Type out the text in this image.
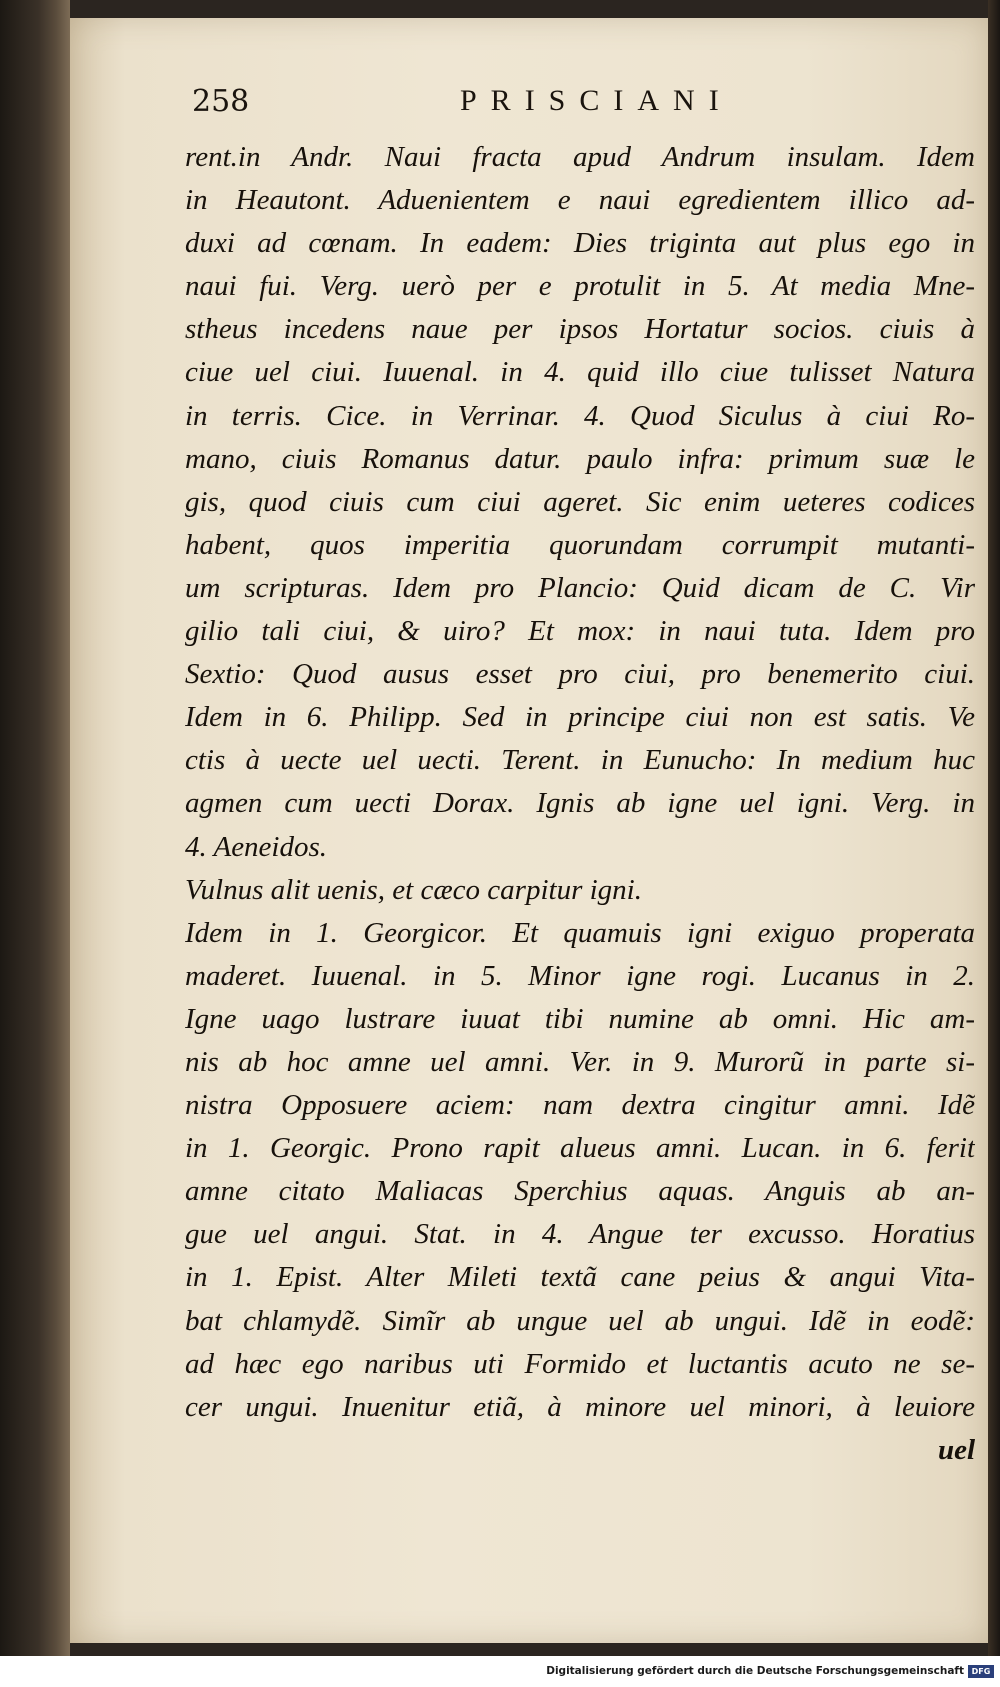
258	PRISCIANI
rent.in Andr. Naui fracta apud Andrum insulam. Idem
in Heautont. Aduenientem e naui egredientem illico ad-
duxi ad cœnam. In eadem: Dies triginta aut plus ego in
naui fui. Verg. uerò per e protulit in 5. At media Mne-
stheus incedens naue per ipsos Hortatur socios. ciuis à
ciue uel ciui. Iuuenal. in 4. quid illo ciue tulisset Natura
in terris. Cice. in Verrinar. 4. Quod Siculus à ciui Ro-
mano, ciuis Romanus datur. paulo infra: primum suæ le
gis, quod ciuis cum ciui ageret. Sic enim ueteres codices
habent, quos imperitia quorundam corrumpit mutanti-
um scripturas. Idem pro Plancio: Quid dicam de C. Vir
gilio tali ciui, & uiro? Et mox: in naui tuta. Idem pro
Sextio: Quod ausus esset pro ciui, pro benemerito ciui.
Idem in 6. Philipp. Sed in principe ciui non est satis. Ve
ctis à uecte uel uecti. Terent. in Eunucho: In medium huc
agmen cum uecti Dorax. Ignis ab igne uel igni. Verg. in
4. Aeneidos.
Vulnus alit uenis, et cæco carpitur igni.
Idem in 1. Georgicor. Et quamuis igni exiguo properata
maderet. Iuuenal. in 5. Minor igne rogi. Lucanus in 2.
Igne uago lustrare iuuat tibi numine ab omni. Hic am-
nis ab hoc amne uel amni. Ver. in 9. Murorũ in parte si-
nistra Opposuere aciem: nam dextra cingitur amni. Idẽ
in 1. Georgic. Prono rapit alueus amni. Lucan. in 6. ferit
amne citato Maliacas Sperchius aquas. Anguis ab an-
gue uel angui. Stat. in 4. Angue ter excusso. Horatius
in 1. Epist. Alter Mileti textã cane peius & angui Vita-
bat chlamydẽ. Simĩr ab ungue uel ab ungui. Idẽ in eodẽ:
ad hæc ego naribus uti Formido et luctantis acuto ne se-
cer ungui. Inuenitur etiã, à minore uel minori, à leuiore
uel
Digitalisierung gefördert durch die Deutsche Forschungsgemeinschaft DFG
